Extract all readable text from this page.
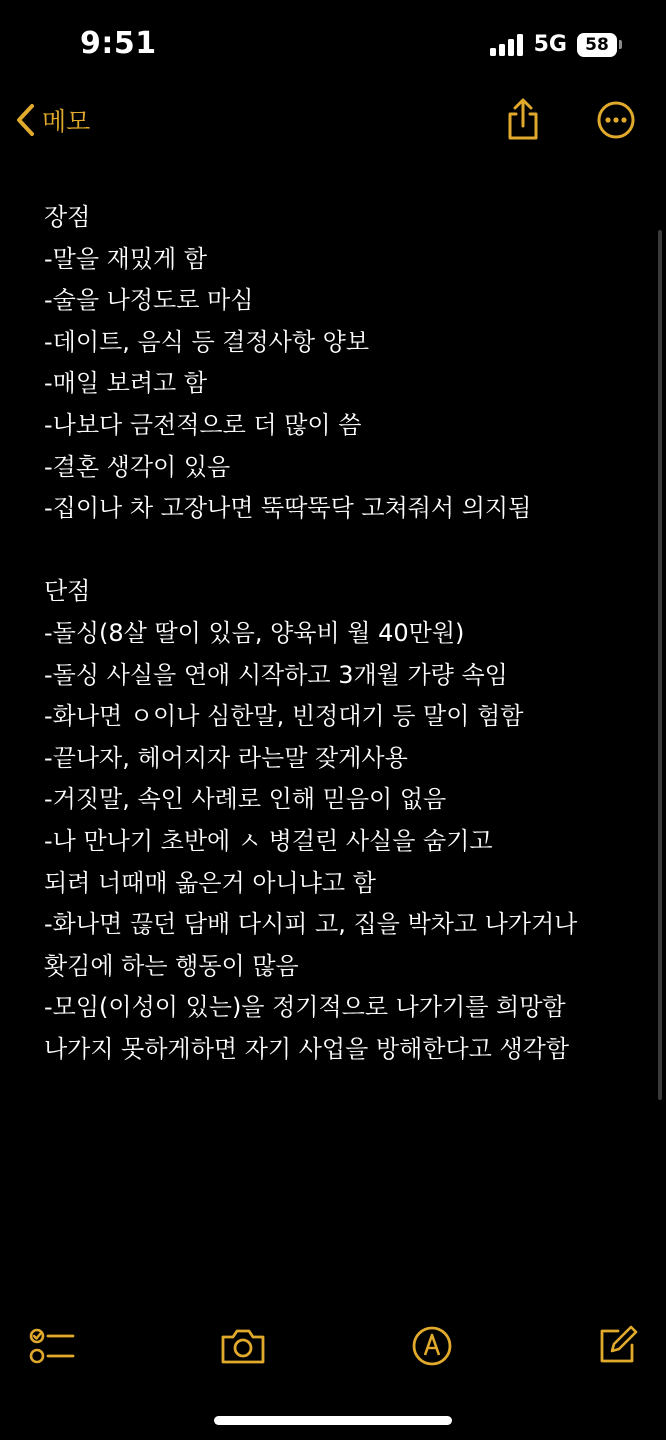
9:51	5G	58
메모
장점
-말을 재밌게 함
-술을 나정도로 마심
-데이트, 음식 등 결정사항 양보
-매일 보려고 함
-나보다 금전적으로 더 많이 씀
-결혼 생각이 있음
-집이나 차 고장나면 뚝딱뚝닥 고쳐줘서 의지됨
단점
-돌싱(8살 딸이 있음, 양육비 월 40만원)
-돌싱 사실을 연애 시작하고 3개월 가량 속임
-화나면 ㅇ이나 심한말, 빈정대기 등 말이 험함
-끝나자, 헤어지자 라는말 잦게사용
-거짓말, 속인 사례로 인해 믿음이 없음
-나 만나기 초반에 ㅅ 병걸린 사실을 숨기고
되려 너때매 옮은거 아니냐고 함
-화나면 끊던 담배 다시피 고, 집을 박차고 나가거나
홧김에 하는 행동이 많음
-모임(이성이 있는)을 정기적으로 나가기를 희망함
나가지 못하게하면 자기 사업을 방해한다고 생각함
